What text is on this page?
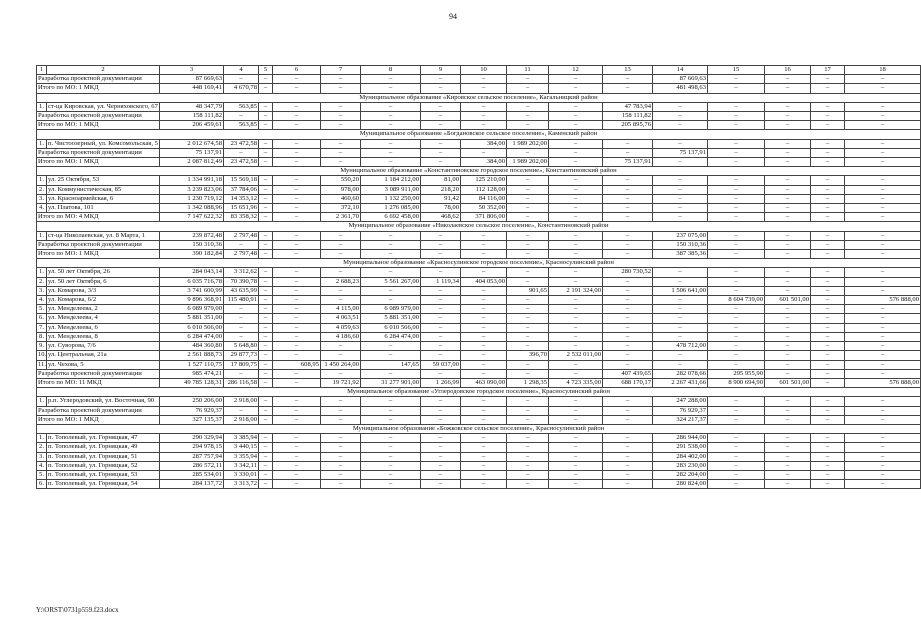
94
1	2	3	4	5	6	7	8	9	10	11	12	13	14	15	16	17	18
Разработка проектной документации		87 669,63	–	–	–	–	–	–	–	–	–	–	87 669,63	–	–	–	–
Итого по МО: 1 МКД		448 169,41	4 670,78	–	–	–	–	–	–	–	–	–	481 498,63	–	–	–	–
Муниципальное образование «Кировское сельское поселение», Кагальницкий район																	
1.	ст-ца Кировская, ул. Черняховского, 67	48 347,79	563,85	–	–	–	–	–	–	–	–	47 783,94	–	–	–	–	–
Разработка проектной документации		158 111,82	–	–	–	–	–	–	–	–	–	158 111,82	–	–	–	–	–
Итого по МО: 1 МКД		206 459,61	563,85	–	–	–	–	–	–	–	–	205 895,76	–	–	–	–	–
Муниципальное образование «Богдановское сельское поселение», Каменский район																	
1.	п. Чистоозерный, ул. Комсомольская, 5	2 012 674,58	23 472,58	–	–	–	–	–	384,00	1 989 202,00	–	–	–	–	–	–	–
Разработка проектной документации		75 137,91	–	–	–	–	–	–	–	–	–	–	75 137,91	–	–	–	–
Итого по МО: 1 МКД		2 087 812,49	23 472,58	–	–	–	–	–	384,00	1 989 202,00	–	75 137,91	–	–	–	–	–
Муниципальное образование «Константиновское городское поселение», Константиновский район																	
1.	ул. 25 Октября, 53	1 334 991,18	15 569,18	–	–	550,20	1 184 212,00	81,00	125 210,00	–	–	–	–	–	–	–	–
2.	ул. Коммунистическая, 85	3 239 823,06	37 784,06	–	–	978,00	3 089 911,00	218,20	112 128,00	–	–	–	–	–	–	–	–
3.	ул. Красноармейская, 6	1 230 719,12	14 353,12	–	–	460,60	1 132 250,00	91,42	84 116,00	–	–	–	–	–	–	–	–
4.	ул. Платова, 101	1 342 088,96	15 651,96	–	–	372,10	1 276 085,00	78,00	50 352,00	–	–	–	–	–	–	–	–
Итого по МО: 4 МКД		7 147 622,32	83 358,32	–	–	2 361,70	6 692 458,00	468,62	371 806,00	–	–	–	–	–	–	–	–
Муниципальное образование «Николаевское сельское поселение», Константиновский район																	
1.	ст-ца Николаевская, ул. 8 Марта, 1	239 872,48	2 797,48	–	–	–	–	–	–	–	–	–	237 075,00	–	–	–	–
Разработка проектной документации		150 310,36	–	–	–	–	–	–	–	–	–	–	150 310,36	–	–	–	–
Итого по МО: 1 МКД		390 182,84	2 797,48	–	–	–	–	–	–	–	–	–	387 385,36	–	–	–	–
Муниципальное образование «Красносулинское городское поселение», Красносулинский район																	
1.	ул. 50 лет Октября, 26	284 043,14	3 312,62	–	–	–	–	–	–	–	–	280 730,52	–	–	–	–	–
2.	ул. 50 лет Октября, 6	6 035 716,78	70 390,78	–	–	2 688,23	5 561 267,00	1 119,34	404 053,00	–	–	–	–	–	–	–	–
3.	ул. Комарова, 3/3	3 741 600,99	43 635,99	–	–	–	–	–	–	901,65	2 191 324,00	–	1 506 641,00	–	–	–	–
4.	ул. Комарова, 6/2	9 896 368,91	115 480,91	–	–	–	–	–	–	–	–	–	–	8 604 739,00	601 501,00	–	576 888,00
5.	ул. Менделеева, 2	6 089 979,00	–	–	–	4 115,00	6 089 979,00	–	–	–	–	–	–	–	–	–	–
6.	ул. Менделеева, 4	5 881 351,00	–	–	–	4 063,51	5 881 351,00	–	–	–	–	–	–	–	–	–	–
7.	ул. Менделеева, 6	6 010 566,00	–	–	–	4 059,63	6 010 566,00	–	–	–	–	–	–	–	–	–	–
8.	ул. Менделеева, 8	6 284 474,00	–	–	–	4 186,60	6 284 474,00	–	–	–	–	–	–	–	–	–	–
9.	ул. Суворова, 7/6	484 360,80	5 648,80	–	–	–	–	–	–	–	–	–	478 712,00	–	–	–	–
10.	ул. Центральная, 21а	2 561 888,73	29 877,73	–	–	–	–	–	–	396,70	2 532 011,00	–	–	–	–	–	–
11.	ул. Чехова, 5	1 527 110,75	17 809,75	–	608,95	1 450 264,00	147,65	59 037,00	–	–	–	–	–	–	–	–	–
Разработка проектной документации		985 474,21	–	–	–	–	–	–	–	–	–	407 439,65	282 078,66	295 955,90	–	–	–
Итого по МО: 11 МКД		49 785 128,31	286 116,58	–	–	19 721,92	31 277 901,00	1 266,99	463 090,00	1 298,35	4 723 335,00	688 170,17	2 267 431,66	8 900 694,90	601 501,00	–	576 888,00
Муниципальное образование «Углеродовское городское поселение», Красносулинский район																	
1.	р.п. Углеродовский, ул. Восточная, 90	250 206,00	2 918,00	–	–	–	–	–	–	–	–	–	247 288,00	–	–	–	–
Разработка проектной документации		76 929,37	–	–	–	–	–	–	–	–	–	–	76 929,37	–	–	–	–
Итого по МО: 1 МКД		327 135,37	2 918,00	–	–	–	–	–	–	–	–	–	324 217,37	–	–	–	–
Муниципальное образование «Божковское сельское поселение», Красносулинский район																	
1.	п. Тополевый, ул. Горняцкая, 47	290 329,94	3 385,94	–	–	–	–	–	–	–	–	–	286 944,00	–	–	–	–
2.	п. Тополевый, ул. Горняцкая, 49	294 978,15	3 440,15	–	–	–	–	–	–	–	–	–	291 538,00	–	–	–	–
3.	п. Тополевый, ул. Горняцкая, 51	287 757,94	3 355,94	–	–	–	–	–	–	–	–	–	284 402,00	–	–	–	–
4.	п. Тополевый, ул. Горняцкая, 52	286 572,11	3 342,11	–	–	–	–	–	–	–	–	–	283 230,00	–	–	–	–
5.	п. Тополевый, ул. Горняцкая, 53	285 534,01	3 330,01	–	–	–	–	–	–	–	–	–	282 204,00	–	–	–	–
6.	п. Тополевый, ул. Горняцкая, 54	284 137,72	3 313,72	–	–	–	–	–	–	–	–	–	280 824,00	–	–	–	–
Y:\ORST\0731p559.f23.docx
